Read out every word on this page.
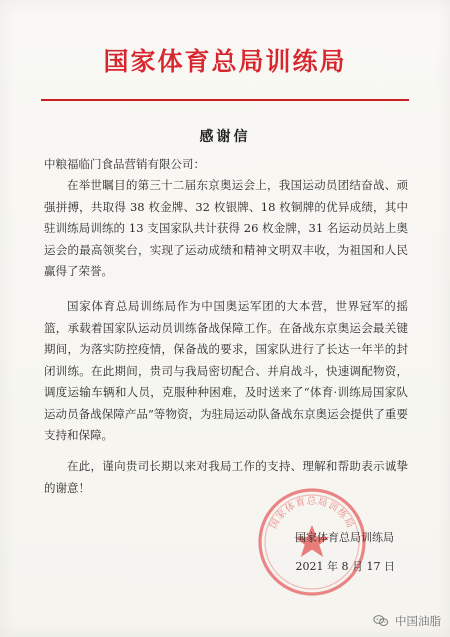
国家体育总局训练局
感谢信
中粮福临门食品营销有限公司：

在举世瞩目的第三十二届东京奥运会上，我国运动员团结奋战、顽强拼搏，共取得 38 枚金牌、32 枚银牌、18 枚铜牌的优异成绩，其中驻训练局训练的 13 支国家队共计获得 26 枚金牌，31 名运动员站上奥运会的最高领奖台，实现了运动成绩和精神文明双丰收，为祖国和人民赢得了荣誉。

国家体育总局训练局作为中国奥运军团的大本营，世界冠军的摇篮，承载着国家队运动员训练备战保障工作。在备战东京奥运会最关键期间，为落实防控疫情，保备战的要求，国家队进行了长达一年半的封闭训练。在此期间，贵司与我局密切配合、并肩战斗，快速调配物资，调度运输车辆和人员，克服种种困难，及时送来了“体育·训练局国家队运动员备战保障产品”等物资，为驻局运动队备战东京奥运会提供了重要支持和保障。

在此，谨向贵司长期以来对我局工作的支持、理解和帮助表示诚挚的谢意！

国家体育总局训练局
国家体育总局训练局
2021 年 8 月 17 日
中国油脂
